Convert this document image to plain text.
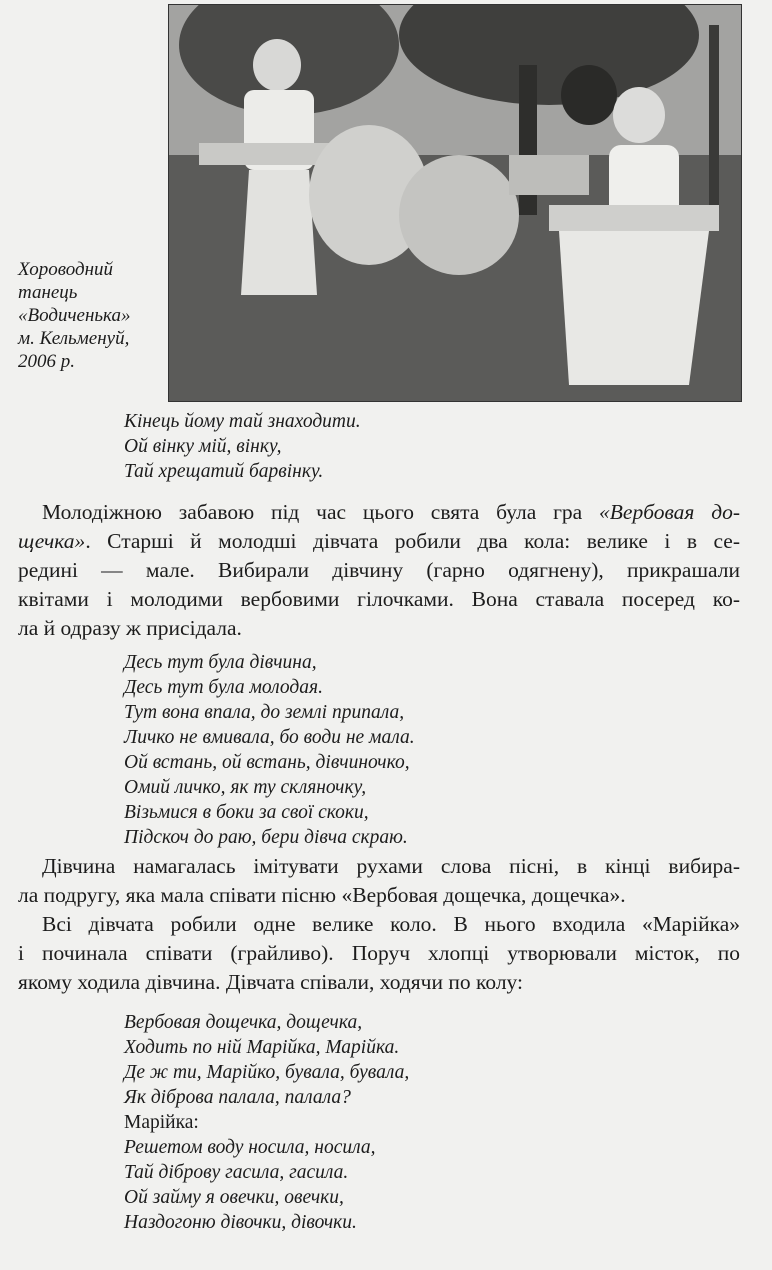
Хороводний
танець
«Водиченька»
м. Кельменуй,
2006 р.
Кінець йому тай знаходити.
Ой вінку мій, вінку,
Тай хрещатий барвінку.
Молодіжною забавою під час цього свята була гра «Вербовая до-
щечка». Старші й молодші дівчата робили два кола: велике і в се-
редині — мале. Вибирали дівчину (гарно одягнену), прикрашали
квітами і молодими вербовими гілочками. Вона ставала посеред ко-
ла й одразу ж присідала.
Десь тут була дівчина,
Десь тут була молодая.
Тут вона впала, до землі припала,
Личко не вмивала, бо води не мала.
Ой встань, ой встань, дівчиночко,
Омий личко, як ту скляночку,
Візьмися в боки за свої скоки,
Підскоч до раю, бери дівча скраю.
Дівчина намагалась імітувати рухами слова пісні, в кінці вибира-
ла подругу, яка мала співати пісню «Вербовая дощечка, дощечка».
Всі дівчата робили одне велике коло. В нього входила «Марійка»
і починала співати (грайливо). Поруч хлопці утворювали місток, по
якому ходила дівчина. Дівчата співали, ходячи по колу:
Вербовая дощечка, дощечка,
Ходить по ній Марійка, Марійка.
Де ж ти, Марійко, бувала, бувала,
Як діброва палала, палала?
Марійка:
Решетом воду носила, носила,
Тай діброву гасила, гасила.
Ой займу я овечки, овечки,
Наздогоню дівочки, дівочки.
